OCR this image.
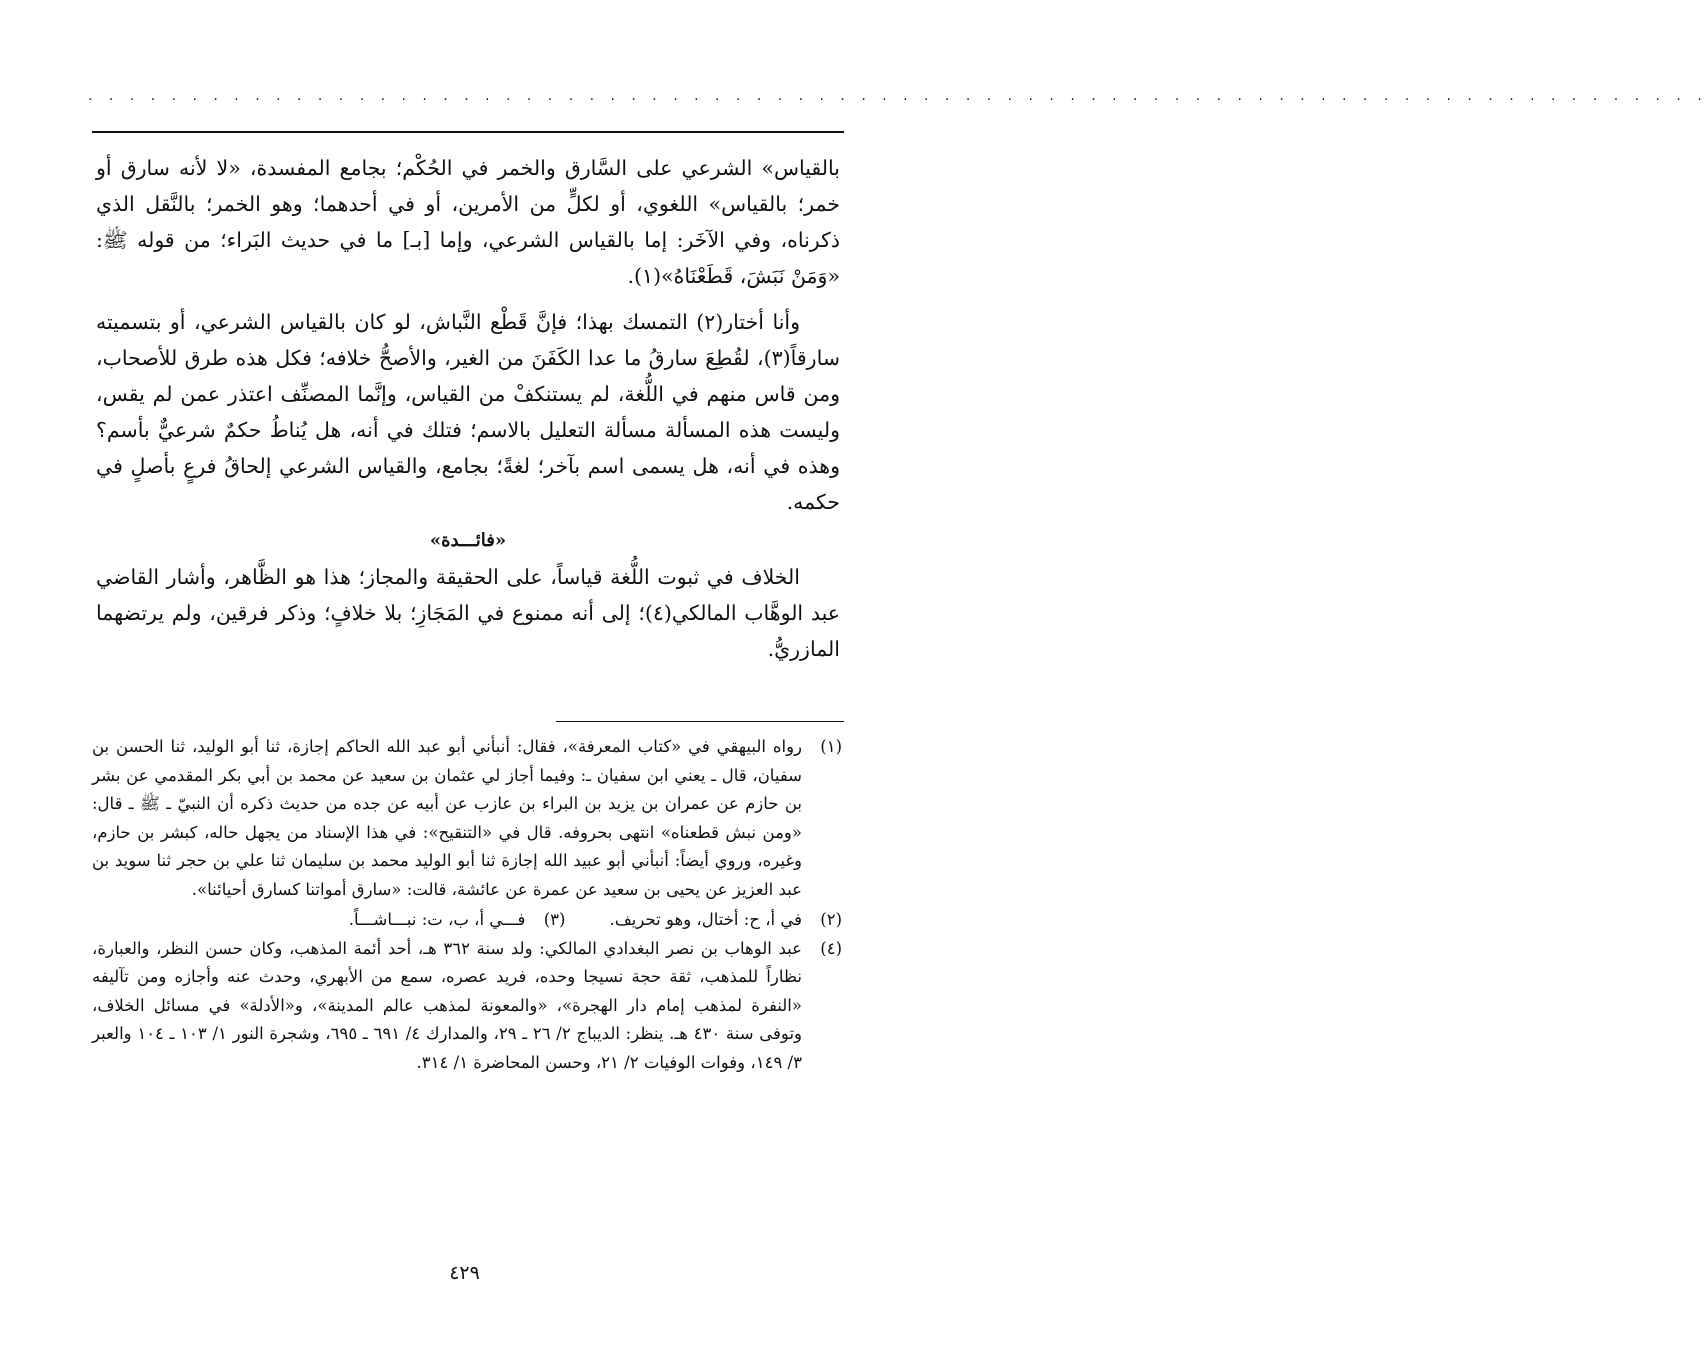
. . . . . . . . . . . . . . . . . . . . . . . . . . . . . . . . . . . . . . . . . . . . . . . . . . . . . . . . . . . . . . . . . . . . . . . . . . . . . .

بالقياس» الشرعي على السَّارق والخمر في الحُكْم؛ بجامع المفسدة، «لا لأنه سارق أو خمر؛ بالقياس» اللغوي، أو لكلٍّ من الأمرين، أو في أحدهما؛ وهو الخمر؛ بالنَّقل الذي ذكرناه، وفي الآخَر: إما بالقياس الشرعي، وإما [بـ] ما في حديث البَراء؛ من قوله ﷺ: «وَمَنْ نَبَشَ، قَطَعْنَاهُ»(١).

وأنا أختار(٢) التمسك بهذا؛ فإنَّ قَطْع النَّباش، لو كان بالقياس الشرعي، أو بتسميته سارقاً(٣)، لقُطِعَ سارقُ ما عدا الكَفَنَ من الغير، والأصحُّ خلافه؛ فكل هذه طرق للأصحاب، ومن قاس منهم في اللُّغة، لم يستنكفْ من القياس، وإنَّما المصنِّف اعتذر عمن لم يقس، وليست هذه المسألة مسألة التعليل بالاسم؛ فتلك في أنه، هل يُناطُ حكمٌ شرعيٌّ بأسم؟ وهذه في أنه، هل يسمى اسم بآخر؛ لغةً؛ بجامع، والقياس الشرعي إلحاقُ فرعٍ بأصلٍ في حكمه.

«فائـــدة»

الخلاف في ثبوت اللُّغة قياساً، على الحقيقة والمجاز؛ هذا هو الظَّاهر، وأشار القاضي عبد الوهَّاب المالكي(٤)؛ إلى أنه ممنوع في المَجَازِ؛ بلا خلافٍ؛ وذكر فرقين، ولم يرتضهما المازريُّ.

(١)
رواه البيهقي في «كتاب المعرفة»، فقال: أنبأني أبو عبد الله الحاكم إجازة، ثنا أبو الوليد، ثنا الحسن بن سفيان، قال ـ يعني ابن سفيان ـ: وفيما أجاز لي عثمان بن سعيد عن محمد بن أبي بكر المقدمي عن بشر بن حازم عن عمران بن يزيد بن البراء بن عازب عن أبيه عن جده من حديث ذكره أن النبيّ ـ ﷺ ـ قال: «ومن نبش قطعناه» انتهى بحروفه. قال في «التنقيح»: في هذا الإسناد من يجهل حاله، كبشر بن حازم، وغيره، وروي أيضاً: أنبأني أبو عبيد الله إجازة ثنا أبو الوليد محمد بن سليمان ثنا علي بن حجر ثنا سويد بن عبد العزيز عن يحيى بن سعيد عن عمرة عن عائشة، قالت: «سارق أمواتنا كسارق أحيائنا».
(٢)
في أ، ح: أختال، وهو تحريف.
(٣)
فـــي أ، ب، ت: نبـــاشـــاً.
(٤)
عبد الوهاب بن نصر البغدادي المالكي: ولد سنة ٣٦٢ هـ، أحد أئمة المذهب، وكان حسن النظر، والعبارة، نظاراً للمذهب، ثقة حجة نسيجا وحده، فريد عصره، سمع من الأبهري، وحدث عنه وأجازه ومن تآليفه «النفرة لمذهب إمام دار الهجرة»، «والمعونة لمذهب عالم المدينة»، و«الأدلة» في مسائل الخلاف، وتوفى سنة ٤٣٠ هـ. ينظر: الديباج ٢/ ٢٦ ـ ٢٩، والمدارك ٤/ ٦٩١ ـ ٦٩٥، وشجرة النور ١/ ١٠٣ ـ ١٠٤ والعبر ٣/ ١٤٩، وفوات الوفيات ٢/ ٢١، وحسن المحاضرة ١/ ٣١٤.
٤٢٩
